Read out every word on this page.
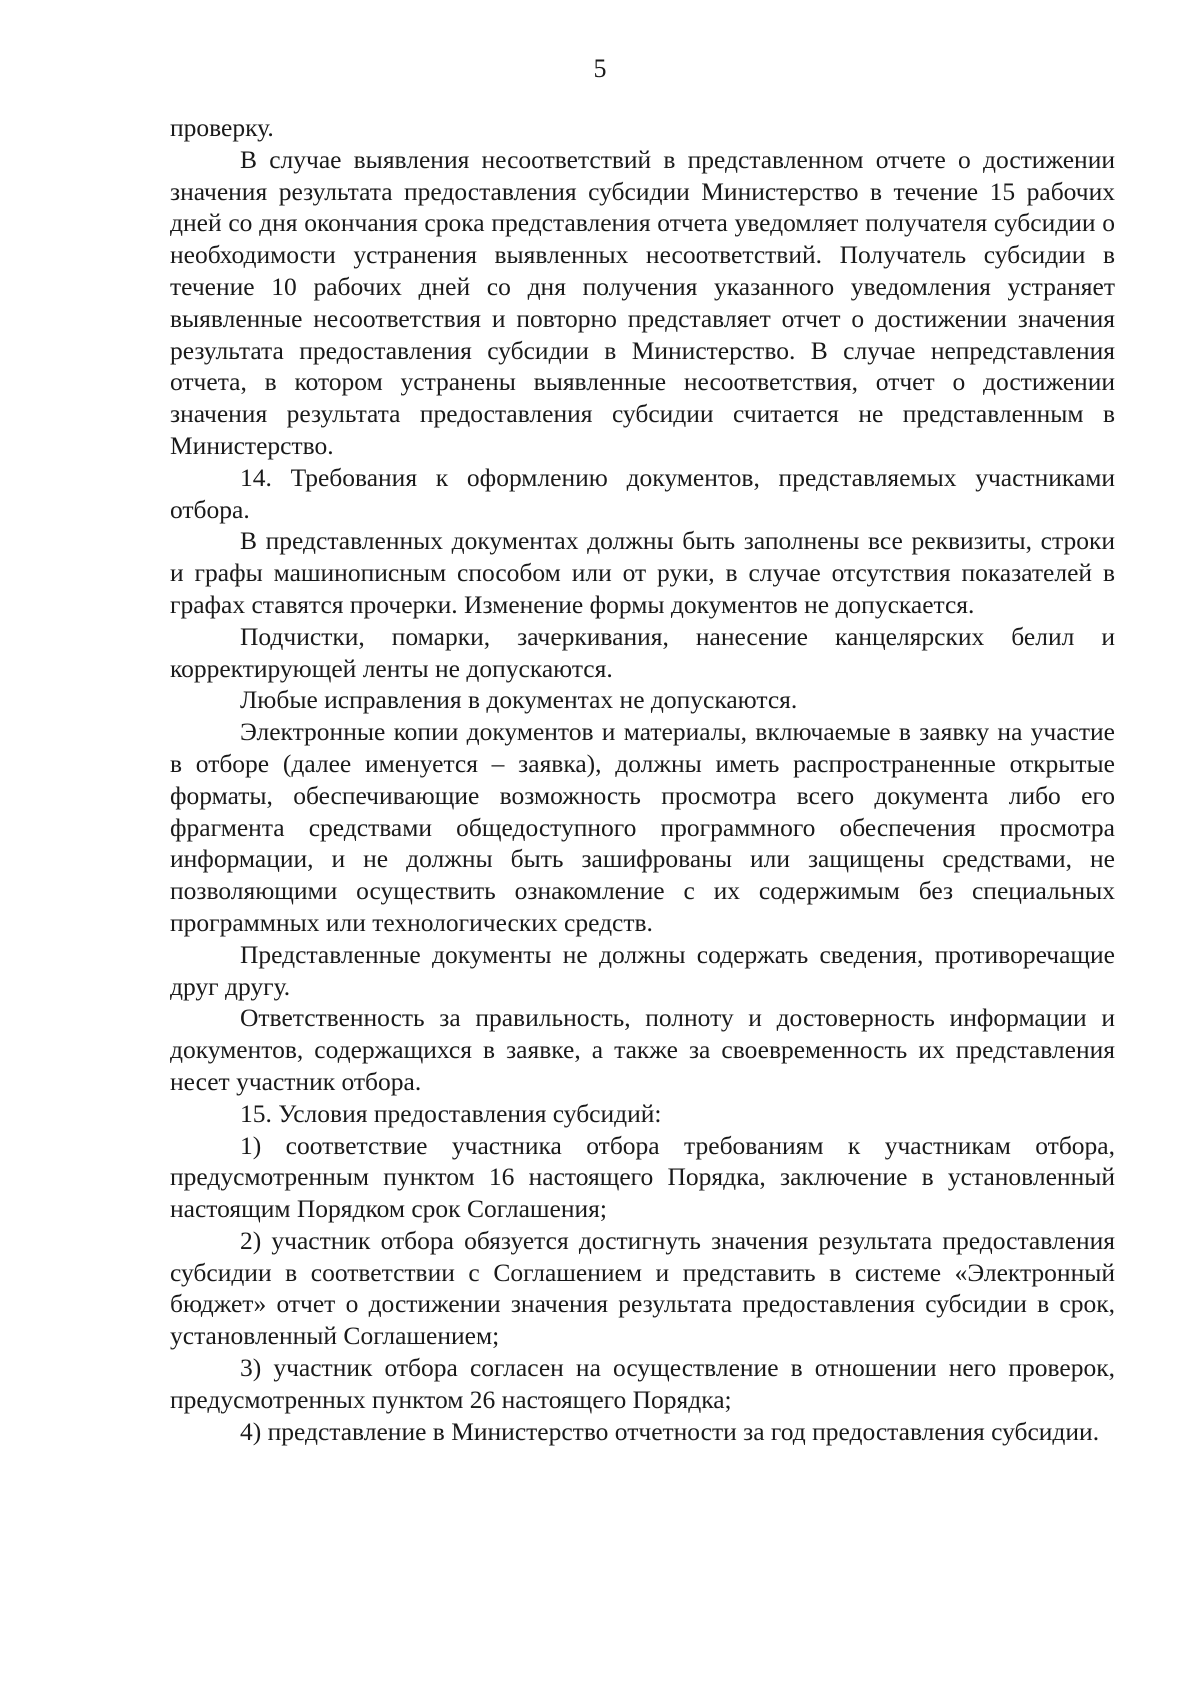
5

проверку.

В случае выявления несоответствий в представленном отчете о достижении значения результата предоставления субсидии Министерство в течение 15 рабочих дней со дня окончания срока представления отчета уведомляет получателя субсидии о необходимости устранения выявленных несоответствий. Получатель субсидии в течение 10 рабочих дней со дня получения указанного уведомления устраняет выявленные несоответствия и повторно представляет отчет о достижении значения результата предоставления субсидии в Министерство. В случае непредставления отчета, в котором устранены выявленные несоответствия, отчет о достижении значения результата предоставления субсидии считается не представленным в Министерство.

14. Требования к оформлению документов, представляемых участниками отбора.

В представленных документах должны быть заполнены все реквизиты, строки и графы машинописным способом или от руки, в случае отсутствия показателей в графах ставятся прочерки. Изменение формы документов не допускается.

Подчистки, помарки, зачеркивания, нанесение канцелярских белил и корректирующей ленты не допускаются.

Любые исправления в документах не допускаются.

Электронные копии документов и материалы, включаемые в заявку на участие в отборе (далее именуется – заявка), должны иметь распространенные открытые форматы, обеспечивающие возможность просмотра всего документа либо его фрагмента средствами общедоступного программного обеспечения просмотра информации, и не должны быть зашифрованы или защищены средствами, не позволяющими осуществить ознакомление с их содержимым без специальных программных или технологических средств.

Представленные документы не должны содержать сведения, противоречащие друг другу.

Ответственность за правильность, полноту и достоверность информации и документов, содержащихся в заявке, а также за своевременность их представления несет участник отбора.

15. Условия предоставления субсидий:

1) соответствие участника отбора требованиям к участникам отбора, предусмотренным пунктом 16 настоящего Порядка, заключение в установленный настоящим Порядком срок Соглашения;

2) участник отбора обязуется достигнуть значения результата предоставления субсидии в соответствии с Соглашением и представить в системе «Электронный бюджет» отчет о достижении значения результата предоставления субсидии в срок, установленный Соглашением;

3) участник отбора согласен на осуществление в отношении него проверок, предусмотренных пунктом 26 настоящего Порядка;

4) представление в Министерство отчетности за год предоставления субсидии.
